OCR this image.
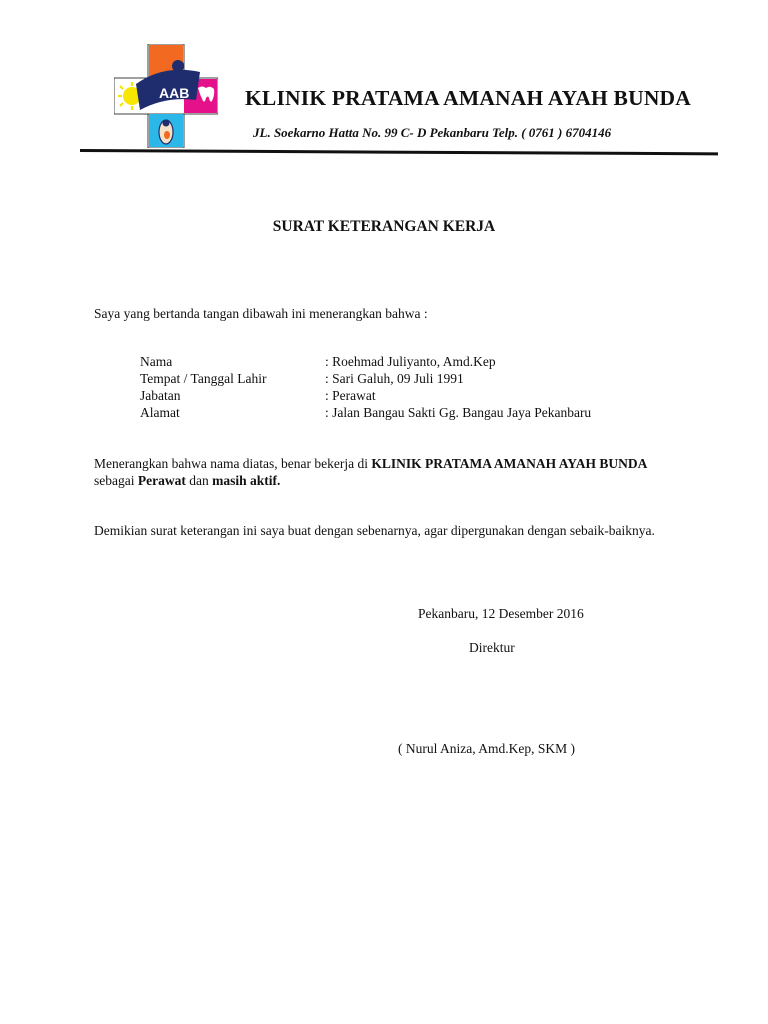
AAB	KLINIK PRATAMA AMANAH AYAH BUNDA
JL. Soekarno Hatta No. 99 C- D Pekanbaru Telp. ( 0761 ) 6704146
SURAT KETERANGAN KERJA
Saya yang bertanda tangan dibawah ini menerangkan bahwa :
Nama	: Roehmad Juliyanto, Amd.Kep
Tempat / Tanggal Lahir	: Sari Galuh, 09 Juli 1991
Jabatan	: Perawat
Alamat	: Jalan Bangau Sakti Gg. Bangau Jaya Pekanbaru
Menerangkan bahwa nama diatas, benar bekerja di KLINIK PRATAMA AMANAH AYAH BUNDA sebagai Perawat dan masih aktif.
Demikian surat keterangan ini saya buat dengan sebenarnya, agar dipergunakan dengan sebaik-baiknya.
Pekanbaru, 12 Desember 2016
Direktur
( Nurul Aniza, Amd.Kep, SKM )
